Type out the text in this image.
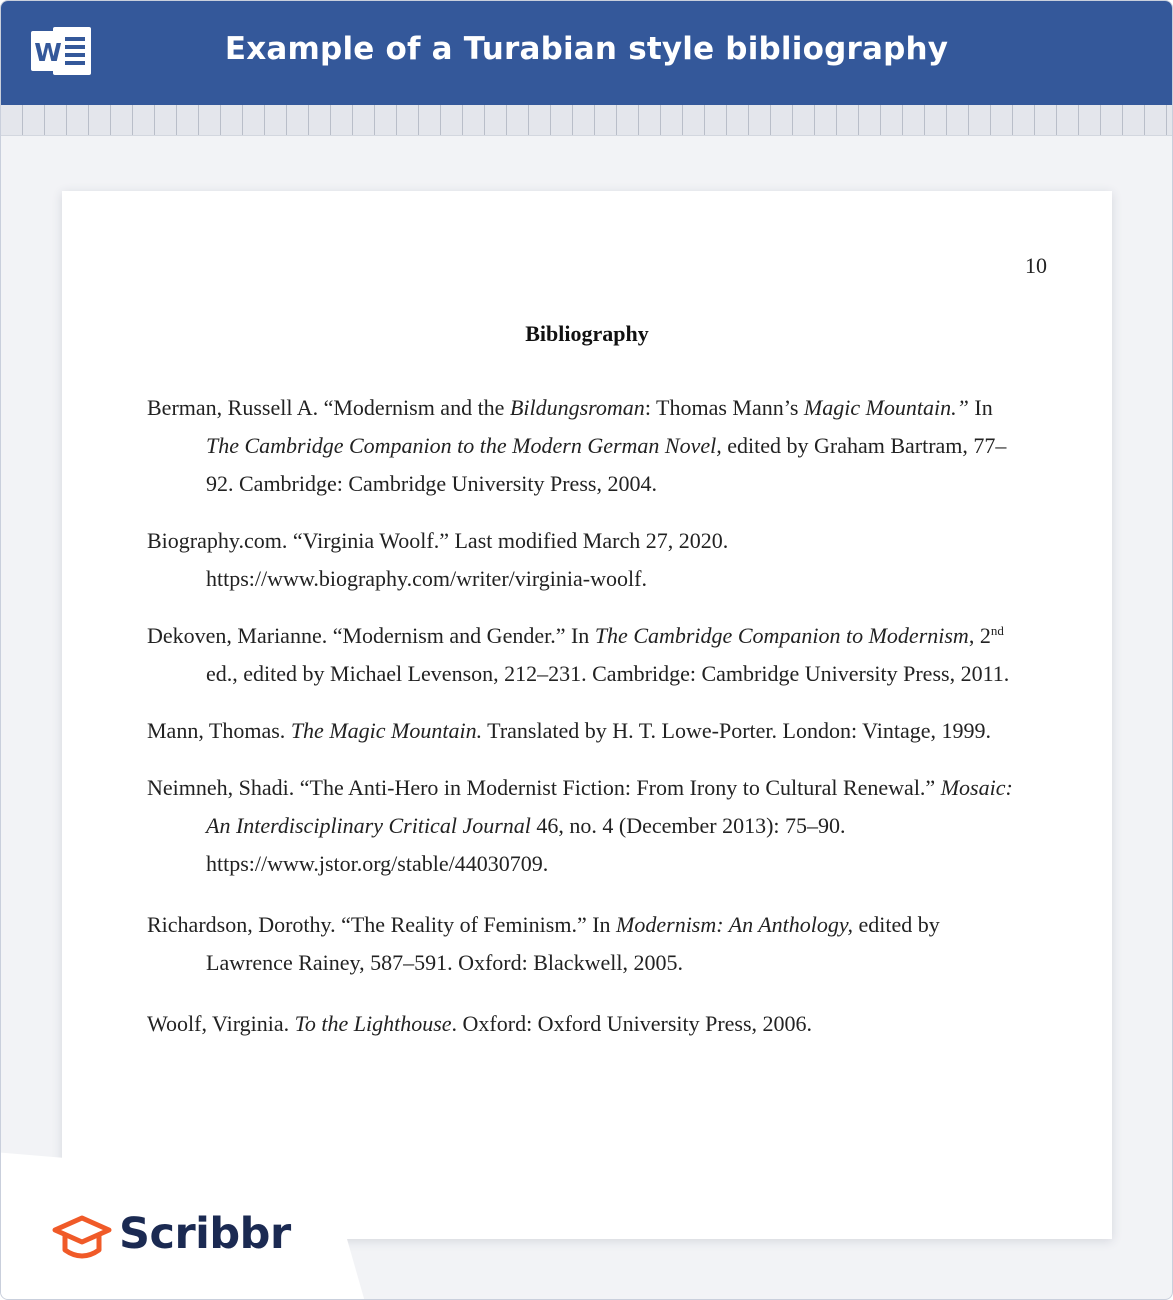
W	Example of a Turabian style bibliography
10
Bibliography
Berman, Russell A. “Modernism and the Bildungsroman: Thomas Mann’s Magic Mountain.” In The Cambridge Companion to the Modern German Novel, edited by Graham Bartram, 77–92. Cambridge: Cambridge University Press, 2004.
Biography.com. “Virginia Woolf.” Last modified March 27, 2020. https://www.biography.com/writer/virginia-woolf.
Dekoven, Marianne. “Modernism and Gender.” In The Cambridge Companion to Modernism, 2nd ed., edited by Michael Levenson, 212–231. Cambridge: Cambridge University Press, 2011.
Mann, Thomas. The Magic Mountain. Translated by H. T. Lowe-Porter. London: Vintage, 1999.
Neimneh, Shadi. “The Anti-Hero in Modernist Fiction: From Irony to Cultural Renewal.” Mosaic: An Interdisciplinary Critical Journal 46, no. 4 (December 2013): 75–90. https://www.jstor.org/stable/44030709.
Richardson, Dorothy. “The Reality of Feminism.” In Modernism: An Anthology, edited by Lawrence Rainey, 587–591. Oxford: Blackwell, 2005.
Woolf, Virginia. To the Lighthouse. Oxford: Oxford University Press, 2006.
Scribbr
